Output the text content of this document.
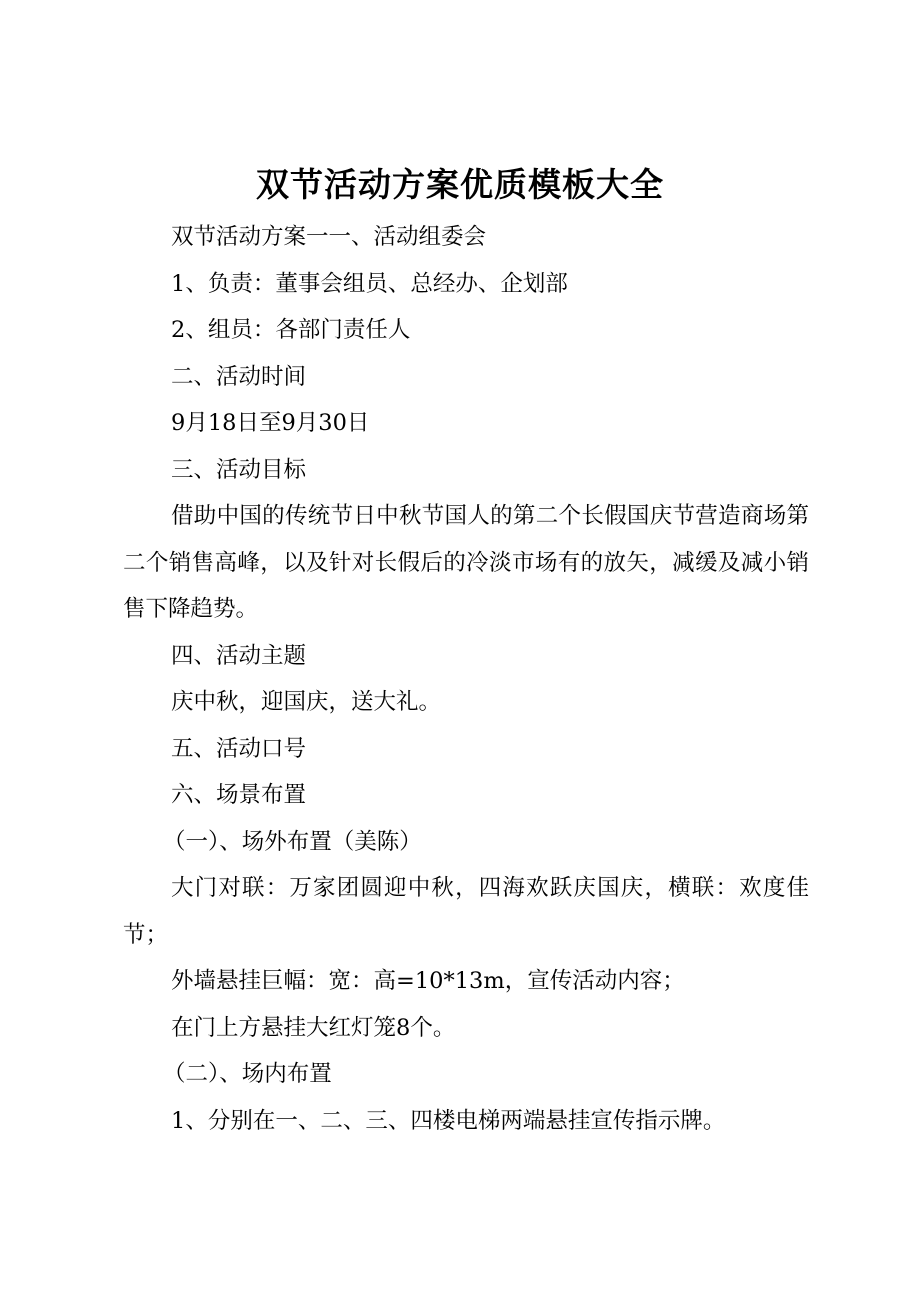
双节活动方案优质模板大全

双节活动方案一一、活动组委会

1、负责：董事会组员、总经办、企划部

2、组员：各部门责任人

二、活动时间

9月18日至9月30日

三、活动目标

借助中国的传统节日中秋节国人的第二个长假国庆节营造商场第二个销售高峰，以及针对长假后的冷淡市场有的放矢，减缓及减小销售下降趋势。

四、活动主题

庆中秋，迎国庆，送大礼。

五、活动口号

六、场景布置

（一）、场外布置（美陈）

大门对联：万家团圆迎中秋，四海欢跃庆国庆，横联：欢度佳节；

外墙悬挂巨幅：宽：高=10*13m，宣传活动内容；

在门上方悬挂大红灯笼8个。

（二）、场内布置

1、分别在一、二、三、四楼电梯两端悬挂宣传指示牌。
